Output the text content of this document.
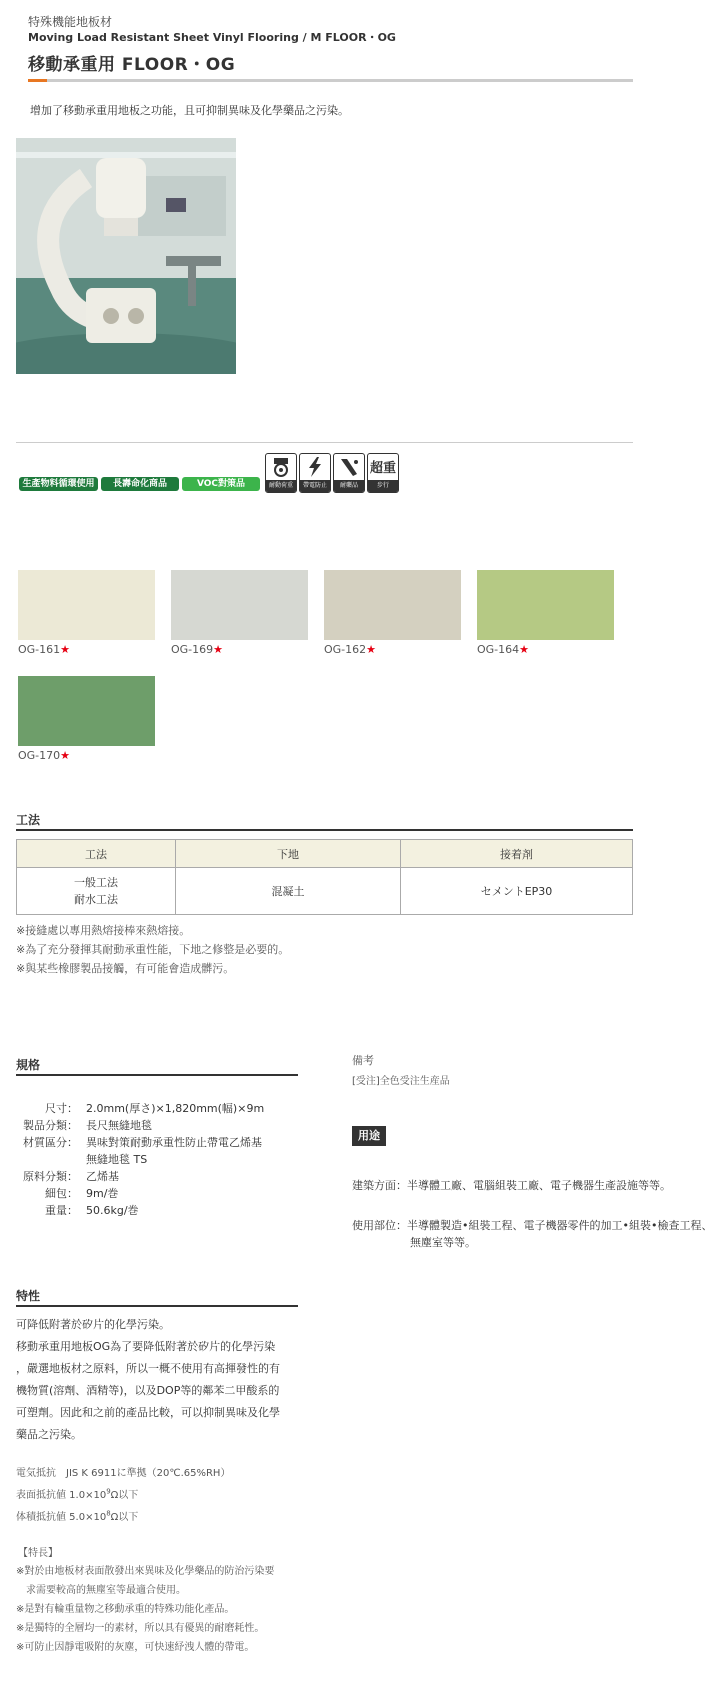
特殊機能地板材
Moving Load Resistant Sheet Vinyl Flooring / M FLOOR・OG
移動承重用 FLOOR・OG
增加了移動承重用地板之功能，且可抑制異味及化學藥品之污染。
生產物料循環使用	長壽命化商品	VOC對策品	耐動荷重	帶電防止	耐藥品
超重
步行
OG-161★	OG-169★	OG-162★	OG-164★
OG-170★
工法
工法	下地	接着剤
一般工法
耐水工法	混凝土	セメントEP30
※接縫處以專用熱熔接棒來熱熔接。
※為了充分發揮其耐動承重性能，下地之修整是必要的。
※與某些橡膠製品接觸，有可能會造成髒污。
規格
尺寸： 2.0mm(厚さ)×1,820mm(幅)×9m
製品分類： 長尺無縫地毯
材質區分： 異味對策耐動承重性防止帶電乙烯基
無縫地毯 TS
原料分類： 乙烯基
細包： 9m/巻
重量： 50.6kg/巻
備考
[受注]全色受注生産品
用途
建築方面：半導體工廠、電腦組裝工廠、電子機器生產設施等等。
使用部位：半導體製造•組裝工程、電子機器零件的加工•組裝•檢查工程、
無塵室等等。
特性
可降低附著於矽片的化學污染。
移動承重用地板OG為了要降低附著於矽片的化學污染
，嚴選地板材之原料，所以一概不使用有高揮發性的有
機物質(溶劑、酒精等)，以及DOP等的鄰苯二甲酸系的
可塑劑。因此和之前的產品比較，可以抑制異味及化學
藥品之污染。
電気抵抗　JIS K 6911に準拠（20℃.65%RH）
表面抵抗値 $1.0\times 10^9\Omega$以下
体積抵抗値 $5.0\times 10^8\Omega$以下
【特長】
※對於由地板材表面散發出來異味及化學藥品的防治污染要
　求需要較高的無塵室等最適合使用。
※是對有輪重量物之移動承重的特殊功能化產品。
※是獨特的全層均一的素材，所以具有優異的耐磨耗性。
※可防止因靜電吸附的灰塵，可快速紓洩人體的帶電。
